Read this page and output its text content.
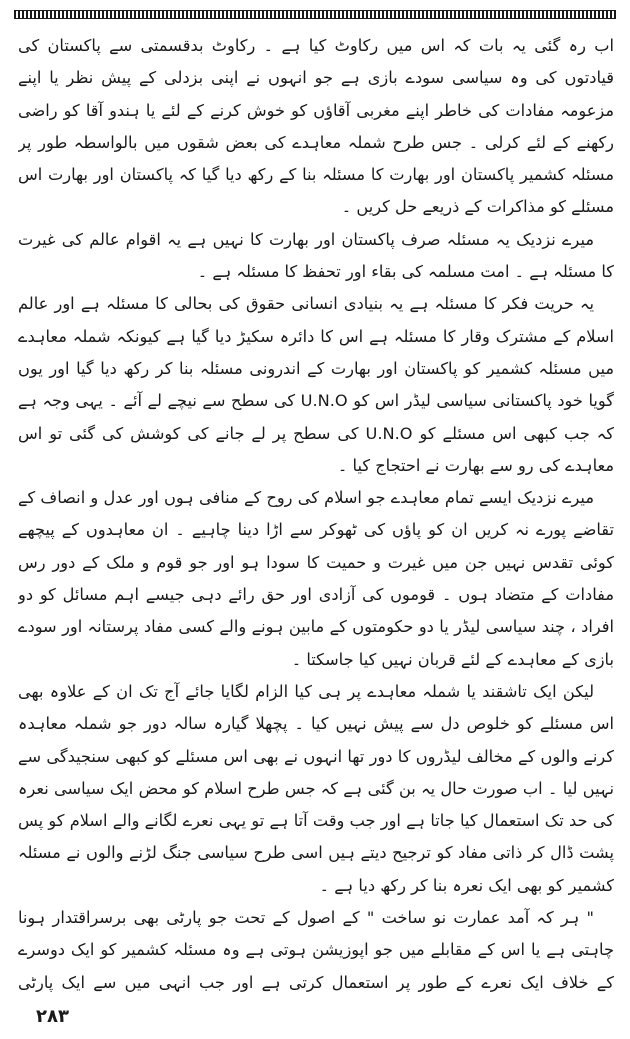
اب رہ گئی یہ بات کہ اس میں رکاوٹ کیا ہے ۔ رکاوٹ بدقسمتی سے پاکستان کی قیادتوں کی وہ سیاسی سودے بازی ہے جو انہوں نے اپنی بزدلی کے پیش نظر یا اپنے مزعومہ مفادات کی خاطر اپنے مغربی آقاؤں کو خوش کرنے کے لئے یا ہندو آقا کو راضی رکھنے کے لئے کرلی ۔ جس طرح شملہ معاہدے کی بعض شقوں میں بالواسطہ طور پر مسئلہ کشمیر پاکستان اور بھارت کا مسئلہ بنا کے رکھ دیا گیا کہ پاکستان اور بھارت اس مسئلے کو مذاکرات کے ذریعے حل کریں ۔

میرے نزدیک یہ مسئلہ صرف پاکستان اور بھارت کا نہیں ہے یہ اقوام عالم کی غیرت کا مسئلہ ہے ۔ امت مسلمہ کی بقاء اور تحفظ کا مسئلہ ہے ۔

یہ حریت فکر کا مسئلہ ہے یہ بنیادی انسانی حقوق کی بحالی کا مسئلہ ہے اور عالم اسلام کے مشترک وقار کا مسئلہ ہے اس کا دائرہ سکیڑ دیا گیا ہے کیونکہ شملہ معاہدے میں مسئلہ کشمیر کو پاکستان اور بھارت کے اندرونی مسئلہ بنا کر رکھ دیا گیا اور یوں گویا خود پاکستانی سیاسی لیڈر اس کو U.N.O کی سطح سے نیچے لے آئے ۔ یہی وجہ ہے کہ جب کبھی اس مسئلے کو U.N.O کی سطح پر لے جانے کی کوشش کی گئی تو اس معاہدے کی رو سے بھارت نے احتجاج کیا ۔

میرے نزدیک ایسے تمام معاہدے جو اسلام کی روح کے منافی ہوں اور عدل و انصاف کے تقاضے پورے نہ کریں ان کو پاؤں کی ٹھوکر سے اڑا دینا چاہیے ۔ ان معاہدوں کے پیچھے کوئی تقدس نہیں جن میں غیرت و حمیت کا سودا ہو اور جو قوم و ملک کے دور رس مفادات کے متضاد ہوں ۔ قوموں کی آزادی اور حق رائے دہی جیسے اہم مسائل کو دو افراد ، چند سیاسی لیڈر یا دو حکومتوں کے مابین ہونے والے کسی مفاد پرستانہ اور سودے بازی کے معاہدے کے لئے قربان نہیں کیا جاسکتا ۔

لیکن ایک تاشقند یا شملہ معاہدے پر ہی کیا الزام لگایا جائے آج تک ان کے علاوہ بھی اس مسئلے کو خلوص دل سے پیش نہیں کیا ۔ پچھلا گیارہ سالہ دور جو شملہ معاہدہ کرنے والوں کے مخالف لیڈروں کا دور تھا انہوں نے بھی اس مسئلے کو کبھی سنجیدگی سے نہیں لیا ۔ اب صورت حال یہ بن گئی ہے کہ جس طرح اسلام کو محض ایک سیاسی نعرہ کی حد تک استعمال کیا جاتا ہے اور جب وقت آتا ہے تو یہی نعرے لگانے والے اسلام کو پس پشت ڈال کر ذاتی مفاد کو ترجیح دیتے ہیں اسی طرح سیاسی جنگ لڑنے والوں نے مسئلہ کشمیر کو بھی ایک نعرہ بنا کر رکھ دیا ہے ۔

" ہر کہ آمد عمارت نو ساخت " کے اصول کے تحت جو پارٹی بھی برسراقتدار ہونا چاہتی ہے یا اس کے مقابلے میں جو اپوزیشن ہوتی ہے وہ مسئلہ کشمیر کو ایک دوسرے کے خلاف ایک نعرے کے طور پر استعمال کرتی ہے اور جب انہی میں سے ایک پارٹی

۲۸۳
